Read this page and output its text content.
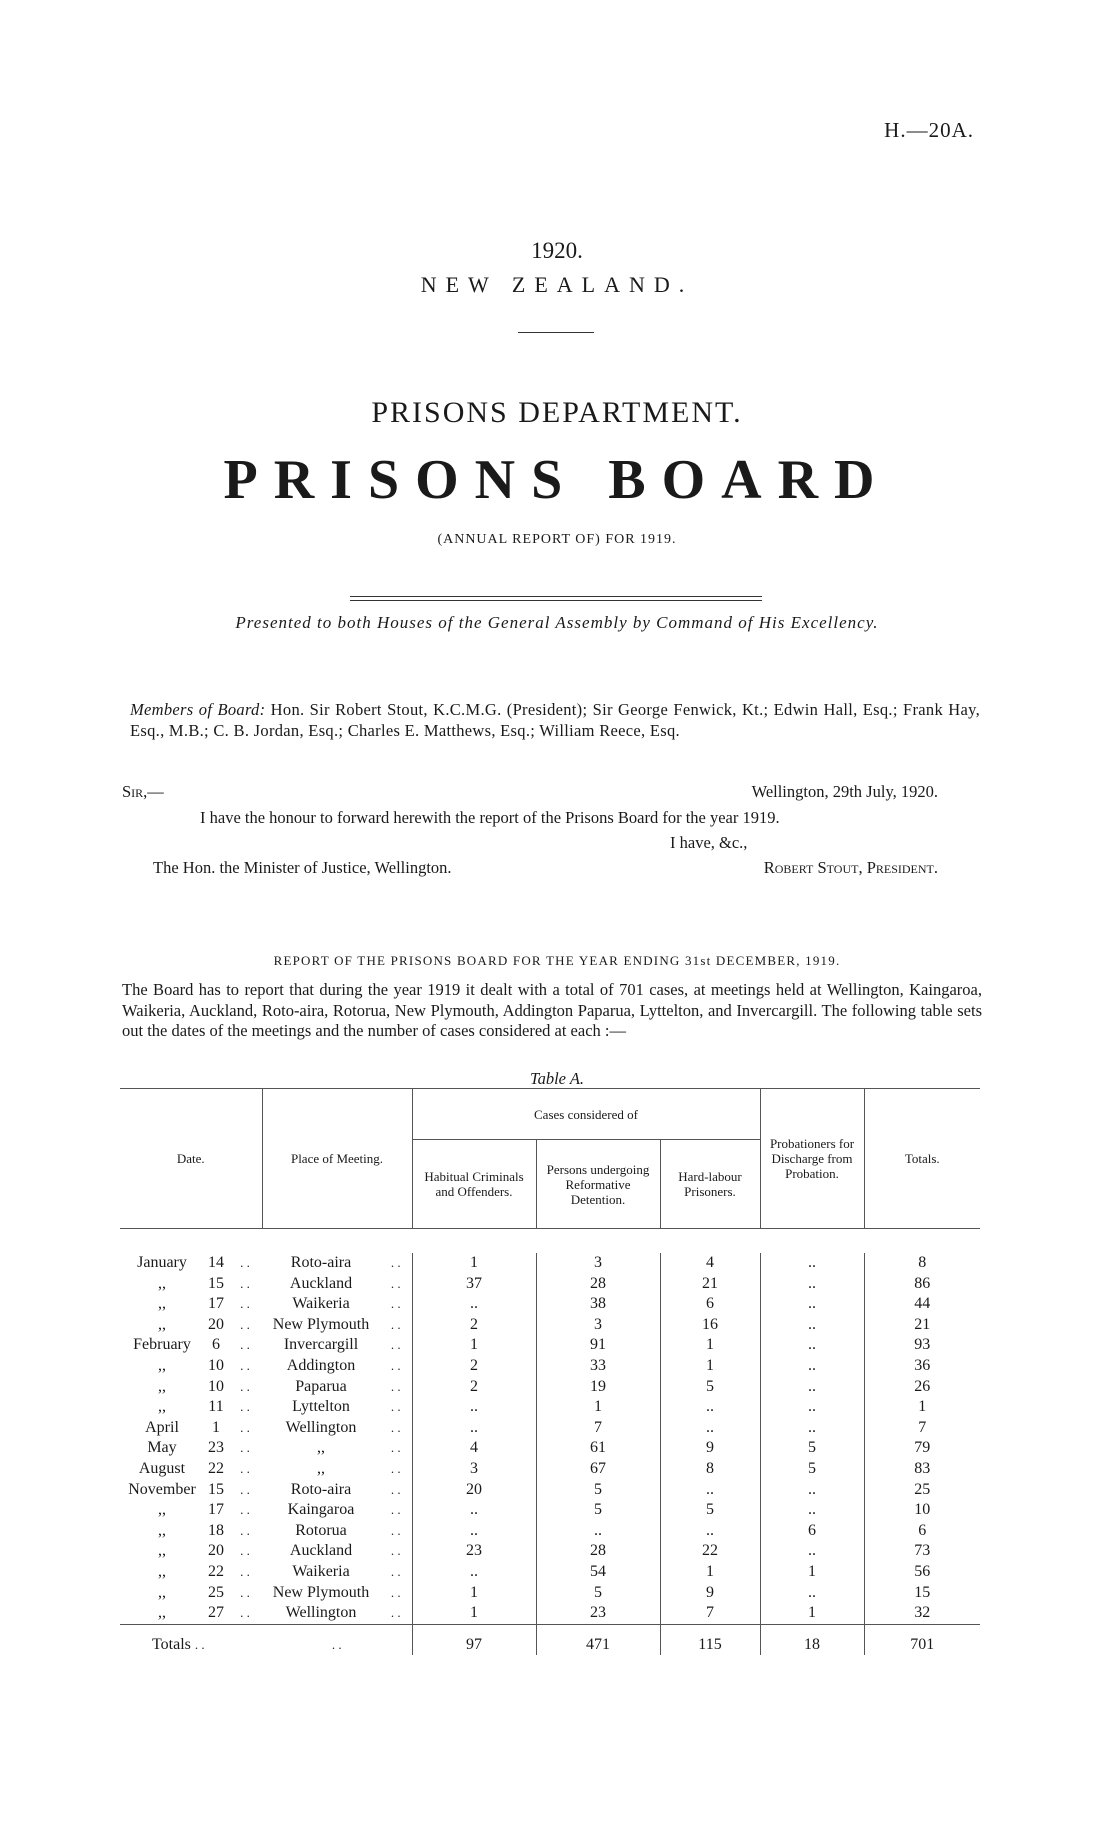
H.—20A.
1920.
NEW ZEALAND.
PRISONS DEPARTMENT.
PRISONS BOARD
(ANNUAL REPORT OF) FOR 1919.
Presented to both Houses of the General Assembly by Command of His Excellency.
Members of Board: Hon. Sir Robert Stout, K.C.M.G. (President); Sir George Fenwick, Kt.; Edwin Hall, Esq.; Frank Hay, Esq., M.B.; C. B. Jordan, Esq.; Charles E. Matthews, Esq.; William Reece, Esq.
Sir,—	Wellington, 29th July, 1920.
I have the honour to forward herewith the report of the Prisons Board for the year 1919.
I have, &c.,
The Hon. the Minister of Justice, Wellington.	Robert Stout, President.
REPORT OF THE PRISONS BOARD FOR THE YEAR ENDING 31st DECEMBER, 1919.
The Board has to report that during the year 1919 it dealt with a total of 701 cases, at meetings held at Wellington, Kaingaroa, Waikeria, Auckland, Roto-aira, Rotorua, New Plymouth, Addington Paparua, Lyttelton, and Invercargill. The following table sets out the dates of the meetings and the number of cases considered at each :—
Table A.
Date.			Place of Meeting.		Cases considered of			Probationers for Discharge from Probation.	Totals.
					Habitual Criminals and Offenders.	Persons undergoing Reformative Detention.	Hard-labour Prisoners.		

January	14	. .	Roto-aira	. .	1	3	4	..	8
,,	15	. .	Auckland	. .	37	28	21	..	86
,,	17	. .	Waikeria	. .	..	38	6	..	44
,,	20	. .	New Plymouth	. .	2	3	16	..	21
February	6	. .	Invercargill	. .	1	91	1	..	93
,,	10	. .	Addington	. .	2	33	1	..	36
,,	10	. .	Paparua	. .	2	19	5	..	26
,,	11	. .	Lyttelton	. .	..	1	..	..	1
April	1	. .	Wellington	. .	..	7	..	..	7
May	23	. .	,,	. .	4	61	9	5	79
August	22	. .	,,	. .	3	67	8	5	83
November	15	. .	Roto-aira	. .	20	5	..	..	25
,,	17	. .	Kaingaroa	. .	..	5	5	..	10
,,	18	. .	Rotorua	. .	..	..	..	6	6
,,	20	. .	Auckland	. .	23	28	22	..	73
,,	22	. .	Waikeria	. .	..	54	1	1	56
,,	25	. .	New Plymouth	. .	1	5	9	..	15
,,	27	. .	Wellington	. .	1	23	7	1	32
Totals . .			. .		97	471	115	18	701
